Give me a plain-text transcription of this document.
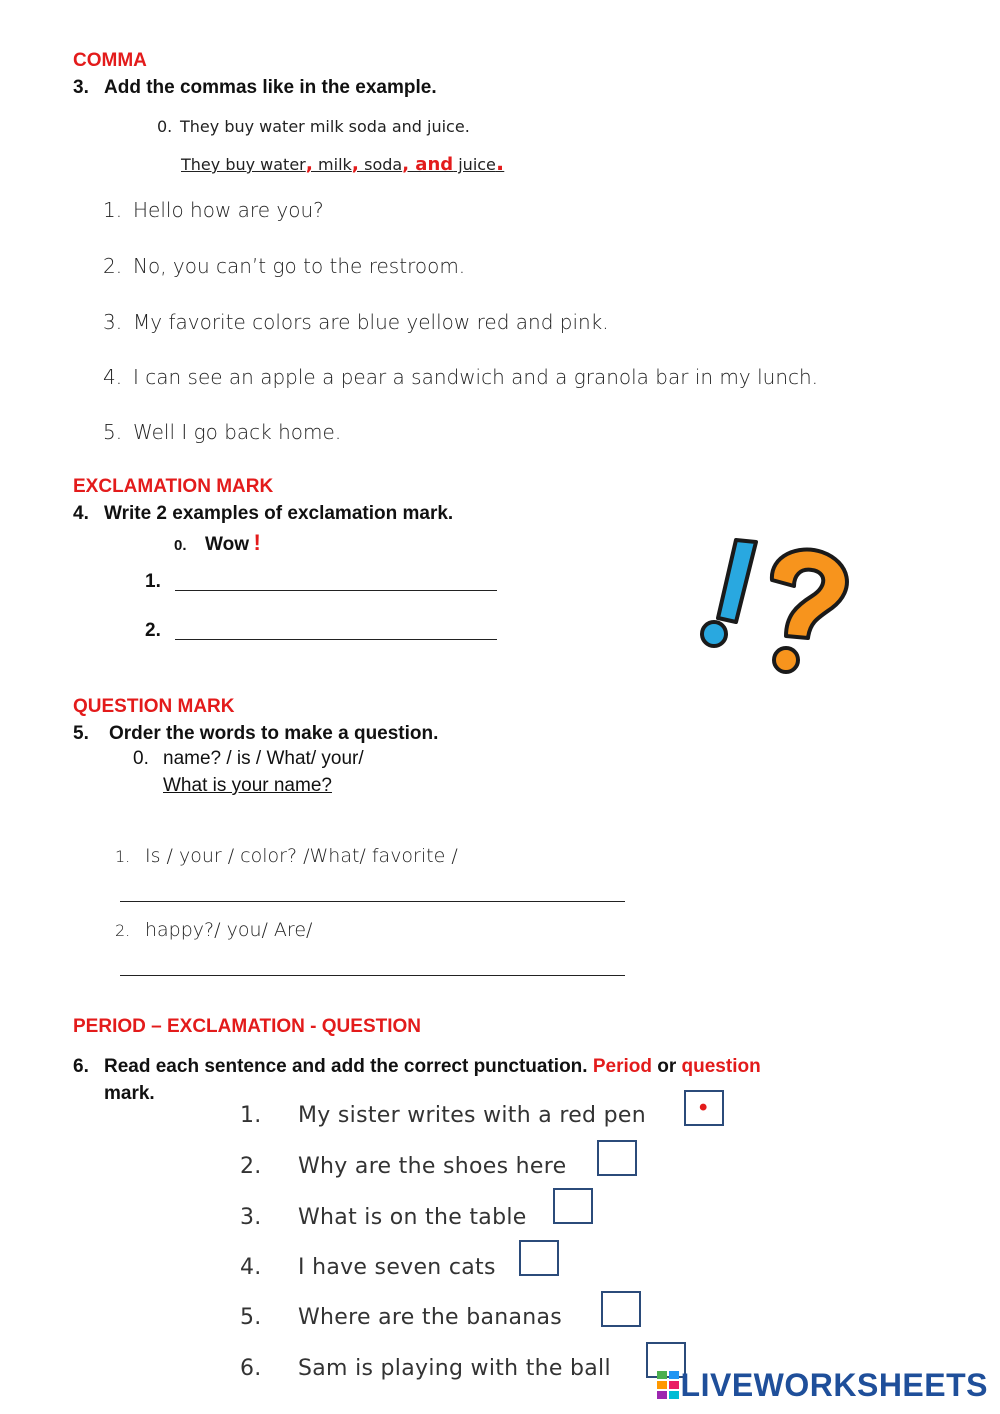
COMMA
3. Add the commas like in the example.
0. They buy water milk soda and juice.
They buy water, milk, soda, and juice.
1. Hello how are you?
2. No, you can’t go to the restroom.
3. My favorite colors are blue yellow red and pink.
4. I can see an apple a pear a sandwich and a granola bar in my lunch.
5. Well I go back home.
EXCLAMATION MARK
4. Write 2 examples of exclamation mark.
0. Wow !
1.
2.
QUESTION MARK
5. Order the words to make a question.
0. name? / is / What/ your/
What is your name?
1. Is / your / color? /What/ favorite /
2. happy?/ you/ Are/
PERIOD – EXCLAMATION - QUESTION
6. Read each sentence and add the correct punctuation. Period or question
mark.
1. My sister writes with a red pen •
2. Why are the shoes here
3. What is on the table
4. I have seven cats
5. Where are the bananas
6. Sam is playing with the ball	LIVEWORKSHEETS
